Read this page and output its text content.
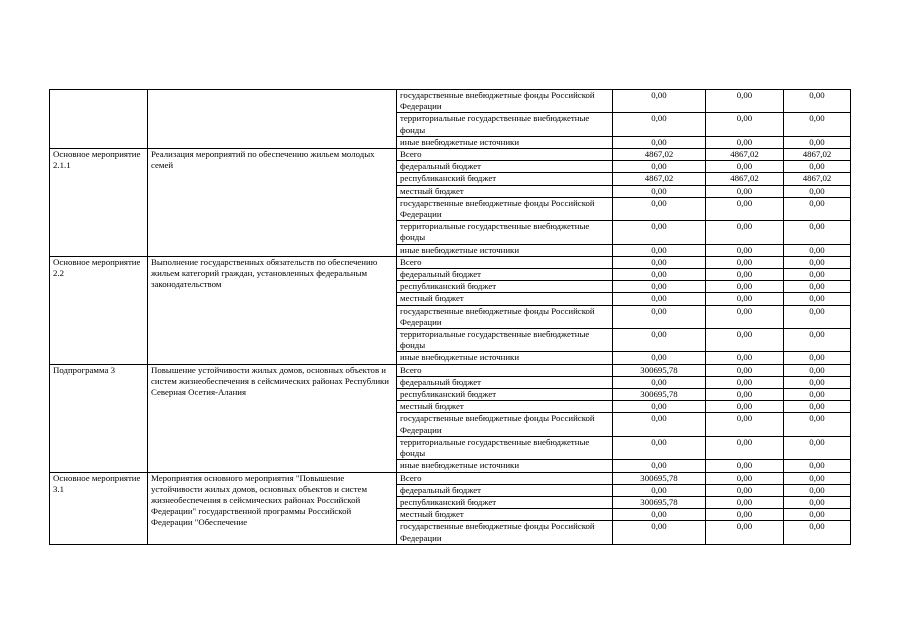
		государственные внебюджетные фонды Российской Федерации	0,00	0,00	0,00
		территориальные государственные внебюджетные фонды	0,00	0,00	0,00
		иные внебюджетные источники	0,00	0,00	0,00
Основное мероприятие 2.1.1	Реализация мероприятий по обеспечению жильем молодых семей	Всего	4867,02	4867,02	4867,02
		федеральный бюджет	0,00	0,00	0,00
		республиканский бюджет	4867,02	4867,02	4867,02
		местный бюджет	0,00	0,00	0,00
		государственные внебюджетные фонды Российской Федерации	0,00	0,00	0,00
		территориальные государственные внебюджетные фонды	0,00	0,00	0,00
		иные внебюджетные источники	0,00	0,00	0,00
Основное мероприятие 2.2	Выполнение государственных обязательств по обеспечению жильем категорий граждан, установленных федеральным законодательством	Всего	0,00	0,00	0,00
		федеральный бюджет	0,00	0,00	0,00
		республиканский бюджет	0,00	0,00	0,00
		местный бюджет	0,00	0,00	0,00
		государственные внебюджетные фонды Российской Федерации	0,00	0,00	0,00
		территориальные государственные внебюджетные фонды	0,00	0,00	0,00
		иные внебюджетные источники	0,00	0,00	0,00
Подпрограмма 3	Повышение устойчивости жилых домов, основных объектов и систем жизнеобеспечения в сейсмических районах Республики Северная Осетия-Алания	Всего	300695,78	0,00	0,00
		федеральный бюджет	0,00	0,00	0,00
		республиканский бюджет	300695,78	0,00	0,00
		местный бюджет	0,00	0,00	0,00
		государственные внебюджетные фонды Российской Федерации	0,00	0,00	0,00
		территориальные государственные внебюджетные фонды	0,00	0,00	0,00
		иные внебюджетные источники	0,00	0,00	0,00
Основное мероприятие 3.1	Мероприятия основного мероприятия "Повышение устойчивости жилых домов, основных объектов и систем жизнеобеспечения в сейсмических районах Российской Федерации" государственной программы Российской Федерации "Обеспечение	Всего	300695,78	0,00	0,00
		федеральный бюджет	0,00	0,00	0,00
		республиканский бюджет	300695,78	0,00	0,00
		местный бюджет	0,00	0,00	0,00
		государственные внебюджетные фонды Российской Федерации	0,00	0,00	0,00
